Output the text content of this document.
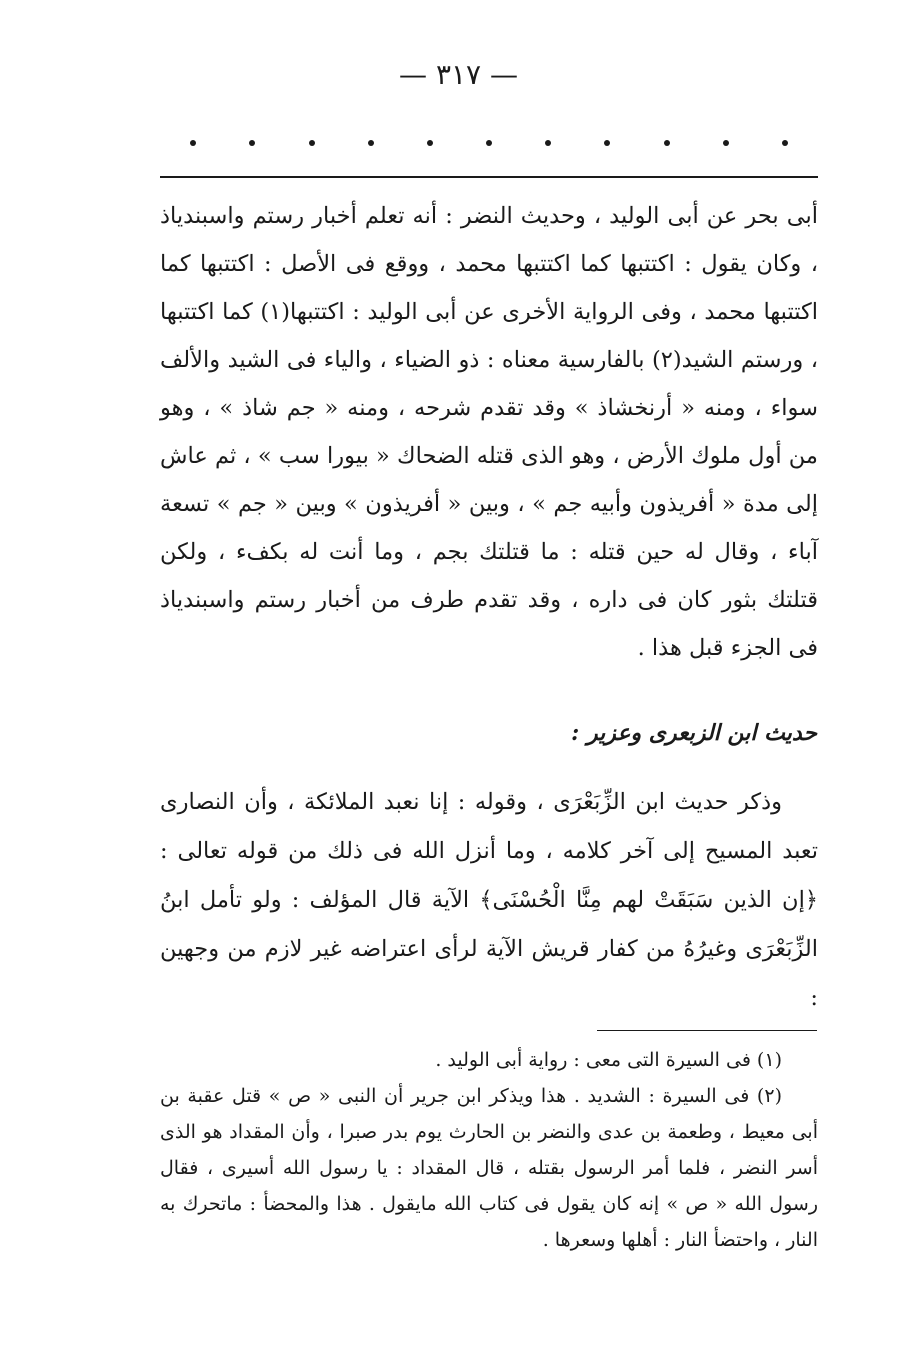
— ٣١٧ —

أبى بحر عن أبى الوليد ، وحديث النضر : أنه تعلم أخبار رستم واسبندياذ ، وكان يقول : اكتتبها كما اكتتبها محمد ، ووقع فى الأصل : اكتتبها كما اكتتبها محمد ، وفى الرواية الأخرى عن أبى الوليد : اكتتبها(١) كما اكتتبها ، ورستم الشيد(٢) بالفارسية معناه : ذو الضياء ، والياء فى الشيد والألف سواء ، ومنه « أرنخشاذ » وقد تقدم شرحه ، ومنه « جم شاذ » ، وهو من أول ملوك الأرض ، وهو الذى قتله الضحاك « بيورا سب » ، ثم عاش إلى مدة « أفريذون وأبيه جم » ، وبين « أفريذون » وبين « جم » تسعة آباء ، وقال له حين قتله : ما قتلتك بجم ، وما أنت له بكفء ، ولكن قتلتك بثور كان فى داره ، وقد تقدم طرف من أخبار رستم واسبندياذ فى الجزء قبل هذا .

حديث ابن الزبعرى وعزير :

وذكر حديث ابن الزِّبَعْرَى ، وقوله : إنا نعبد الملائكة ، وأن النصارى تعبد المسيح إلى آخر كلامه ، وما أنزل الله فى ذلك من قوله تعالى : ﴿إن الذين سَبَقَتْ لهم مِنَّا الْحُسْنَى﴾ الآية قال المؤلف : ولو تأمل ابنُ الزِّبَعْرَى وغيرُهُ من كفار قريش الآية لرأى اعتراضه غير لازم من وجهين :

(١) فى السيرة التى معى : رواية أبى الوليد .

(٢) فى السيرة : الشديد . هذا ويذكر ابن جرير أن النبى « ص » قتل عقبة بن أبى معيط ، وطعمة بن عدى والنضر بن الحارث يوم بدر صبرا ، وأن المقداد هو الذى أسر النضر ، فلما أمر الرسول بقتله ، قال المقداد : يا رسول الله أسيرى ، فقال رسول الله « ص » إنه كان يقول فى كتاب الله مايقول . هذا والمحضأ : ماتحرك به النار ، واحتضأ النار : أهلها وسعرها .
